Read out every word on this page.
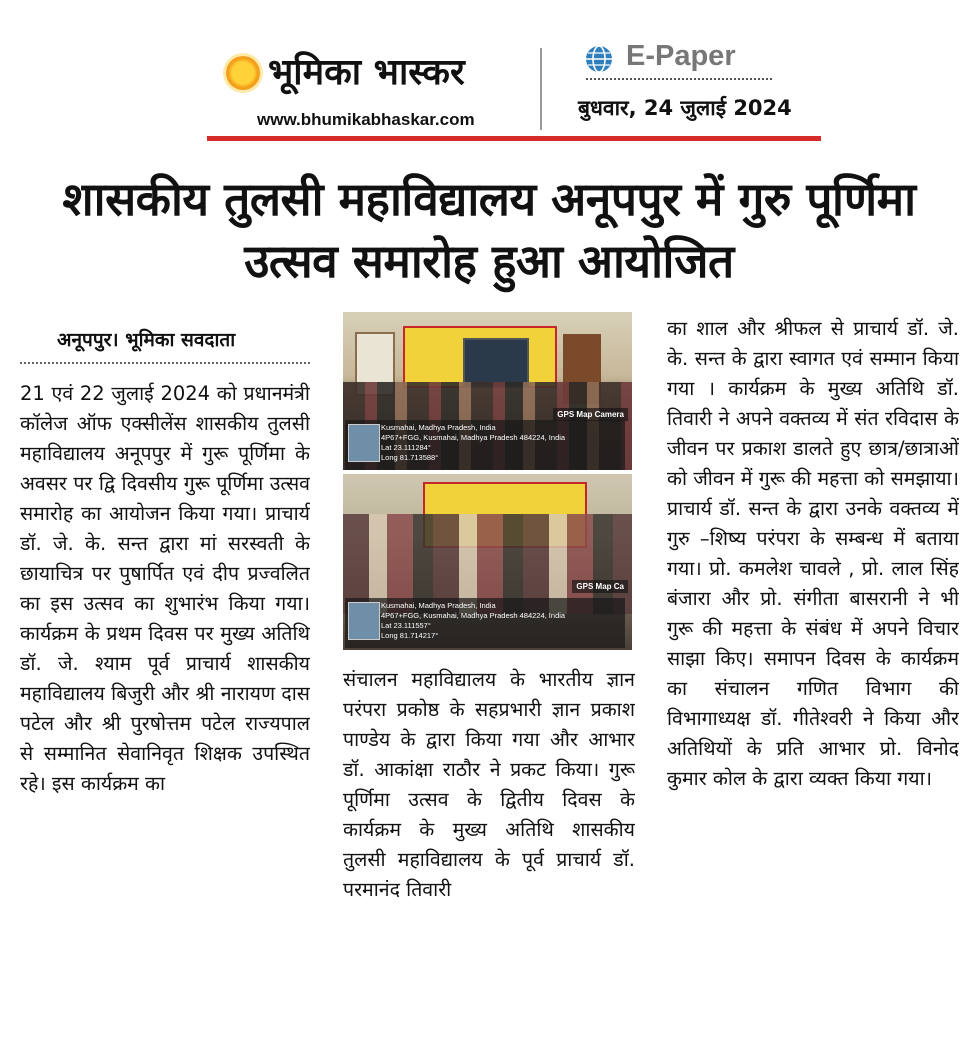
भूमिका भास्कर
www.bhumikabhaskar.com
E-Paper
बुधवार, 24 जुलाई 2024
शासकीय तुलसी महाविद्यालय अनूपपुर में गुरु पूर्णिमा उत्सव समारोह हुआ आयोजित
अनूपपुर। भूमिका सवदाता
21 एवं 22 जुलाई 2024 को प्रधानमंत्री कॉलेज ऑफ एक्सीलेंस शासकीय तुलसी महाविद्यालय अनूपपुर में गुरू पूर्णिमा के अवसर पर द्वि दिवसीय गुरू पूर्णिमा उत्सव समारोह का आयोजन किया गया। प्राचार्य डॉ. जे. के. सन्त द्वारा मां सरस्वती के छायाचित्र पर पुषार्पित एवं दीप प्रज्वलित का इस उत्सव का शुभारंभ किया गया। कार्यक्रम के प्रथम दिवस पर मुख्य अतिथि डॉ. जे. श्याम पूर्व प्राचार्य शासकीय महाविद्यालय बिजुरी और श्री नारायण दास पटेल और श्री पुरषोत्तम पटेल राज्यपाल से सम्मानित सेवानिवृत शिक्षक उपस्थित रहे। इस कार्यक्रम का
GPS Map Camera
Kusmahai, Madhya Pradesh, India
4P67+FGG, Kusmahai, Madhya Pradesh 484224, India
Lat 23.111284°
Long 81.713588°
GPS Map Ca
Kusmahai, Madhya Pradesh, India
4P67+FGG, Kusmahai, Madhya Pradesh 484224, India
Lat 23.111557°
Long 81.714217°
संचालन महाविद्यालय के भारतीय ज्ञान परंपरा प्रकोष्ठ के सहप्रभारी ज्ञान प्रकाश पाण्डेय के द्वारा किया गया और आभार डॉ. आकांक्षा राठौर ने प्रकट किया। गुरू पूर्णिमा उत्सव के द्वितीय दिवस के कार्यक्रम के मुख्य अतिथि शासकीय तुलसी महाविद्यालय के पूर्व प्राचार्य डॉ. परमानंद तिवारी
का शाल और श्रीफल से प्राचार्य डॉ. जे. के. सन्त के द्वारा स्वागत एवं सम्मान किया गया । कार्यक्रम के मुख्य अतिथि डॉ. तिवारी ने अपने वक्तव्य में संत रविदास के जीवन पर प्रकाश डालते हुए छात्र/छात्राओं को जीवन में गुरू की महत्ता को समझाया। प्राचार्य डॉ. सन्त के द्वारा उनके वक्तव्य में गुरु –शिष्य परंपरा के सम्बन्ध में बताया गया। प्रो. कमलेश चावले , प्रो. लाल सिंह बंजारा और प्रो. संगीता बासरानी ने भी गुरू की महत्ता के संबंध में अपने विचार साझा किए। समापन दिवस के कार्यक्रम का संचालन गणित विभाग की विभागाध्यक्ष डॉ. गीतेश्वरी ने किया और अतिथियों के प्रति आभार प्रो. विनोद कुमार कोल के द्वारा व्यक्त किया गया।
